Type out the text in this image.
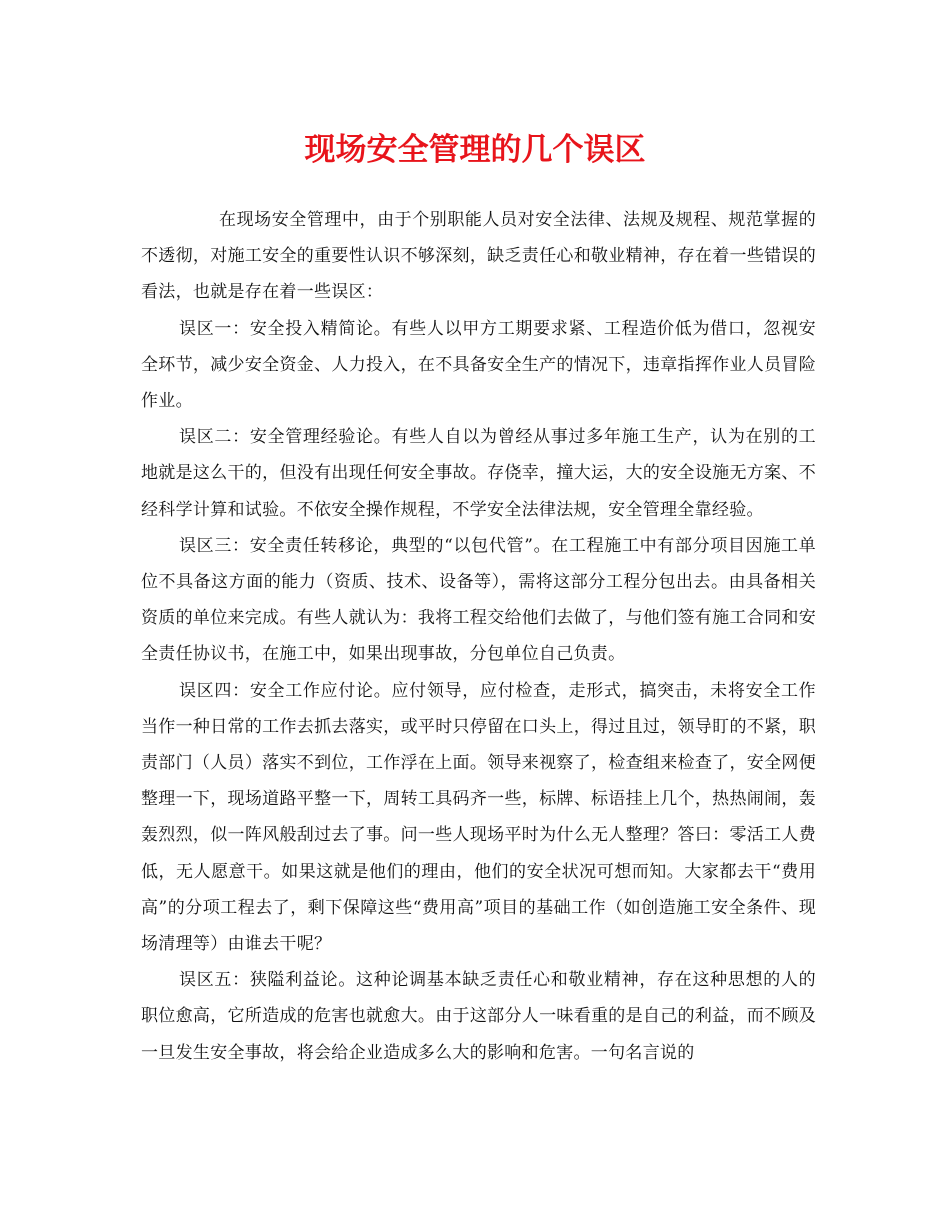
现场安全管理的几个误区

在现场安全管理中，由于个别职能人员对安全法律、法规及规程、规范掌握的不透彻，对施工安全的重要性认识不够深刻，缺乏责任心和敬业精神，存在着一些错误的看法，也就是存在着一些误区：

误区一：安全投入精简论。有些人以甲方工期要求紧、工程造价低为借口，忽视安全环节，减少安全资金、人力投入，在不具备安全生产的情况下，违章指挥作业人员冒险作业。

误区二：安全管理经验论。有些人自以为曾经从事过多年施工生产，认为在别的工地就是这么干的，但没有出现任何安全事故。存侥幸，撞大运，大的安全设施无方案、不经科学计算和试验。不依安全操作规程，不学安全法律法规，安全管理全靠经验。

误区三：安全责任转移论，典型的“以包代管”。在工程施工中有部分项目因施工单位不具备这方面的能力（资质、技术、设备等），需将这部分工程分包出去。由具备相关资质的单位来完成。有些人就认为：我将工程交给他们去做了，与他们签有施工合同和安全责任协议书，在施工中，如果出现事故，分包单位自己负责。

误区四：安全工作应付论。应付领导，应付检查，走形式，搞突击，未将安全工作当作一种日常的工作去抓去落实，或平时只停留在口头上，得过且过，领导盯的不紧，职责部门（人员）落实不到位，工作浮在上面。领导来视察了，检查组来检查了，安全网便整理一下，现场道路平整一下，周转工具码齐一些，标牌、标语挂上几个，热热闹闹，轰轰烈烈，似一阵风般刮过去了事。问一些人现场平时为什么无人整理？答曰：零活工人费低，无人愿意干。如果这就是他们的理由，他们的安全状况可想而知。大家都去干“费用高”的分项工程去了，剩下保障这些“费用高”项目的基础工作（如创造施工安全条件、现场清理等）由谁去干呢？

误区五：狭隘利益论。这种论调基本缺乏责任心和敬业精神，存在这种思想的人的职位愈高，它所造成的危害也就愈大。由于这部分人一味看重的是自己的利益，而不顾及一旦发生安全事故，将会给企业造成多么大的影响和危害。一句名言说的
